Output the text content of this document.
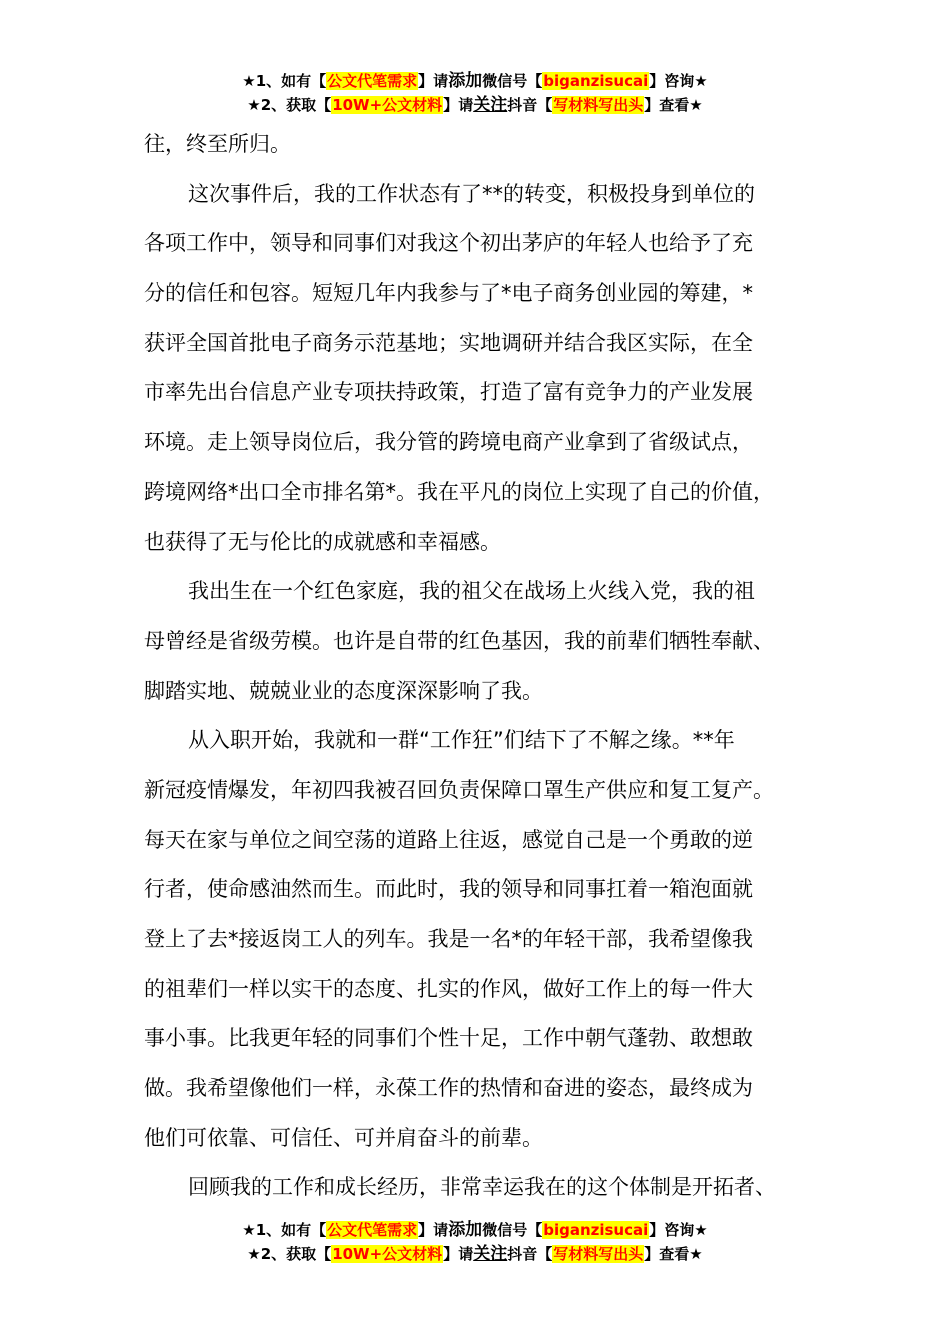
★1、如有【公文代笔需求】请添加微信号【biganzisucai】咨询★
★2、获取【10W+公文材料】请关注抖音【写材料写出头】查看★
往，终至所归。
这次事件后，我的工作状态有了**的转变，积极投身到单位的
各项工作中，领导和同事们对我这个初出茅庐的年轻人也给予了充
分的信任和包容。短短几年内我参与了*电子商务创业园的筹建，*
获评全国首批电子商务示范基地；实地调研并结合我区实际，在全
市率先出台信息产业专项扶持政策，打造了富有竞争力的产业发展
环境。走上领导岗位后，我分管的跨境电商产业拿到了省级试点，
跨境网络*出口全市排名第*。我在平凡的岗位上实现了自己的价值，
也获得了无与伦比的成就感和幸福感。
我出生在一个红色家庭，我的祖父在战场上火线入党，我的祖
母曾经是省级劳模。也许是自带的红色基因，我的前辈们牺牲奉献、
脚踏实地、兢兢业业的态度深深影响了我。
从入职开始，我就和一群“工作狂”们结下了不解之缘。**年
新冠疫情爆发，年初四我被召回负责保障口罩生产供应和复工复产。
每天在家与单位之间空荡的道路上往返，感觉自己是一个勇敢的逆
行者，使命感油然而生。而此时，我的领导和同事扛着一箱泡面就
登上了去*接返岗工人的列车。我是一名*的年轻干部，我希望像我
的祖辈们一样以实干的态度、扎实的作风，做好工作上的每一件大
事小事。比我更年轻的同事们个性十足，工作中朝气蓬勃、敢想敢
做。我希望像他们一样，永葆工作的热情和奋进的姿态，最终成为
他们可依靠、可信任、可并肩奋斗的前辈。
回顾我的工作和成长经历，非常幸运我在的这个体制是开拓者、
★1、如有【公文代笔需求】请添加微信号【biganzisucai】咨询★
★2、获取【10W+公文材料】请关注抖音【写材料写出头】查看★
